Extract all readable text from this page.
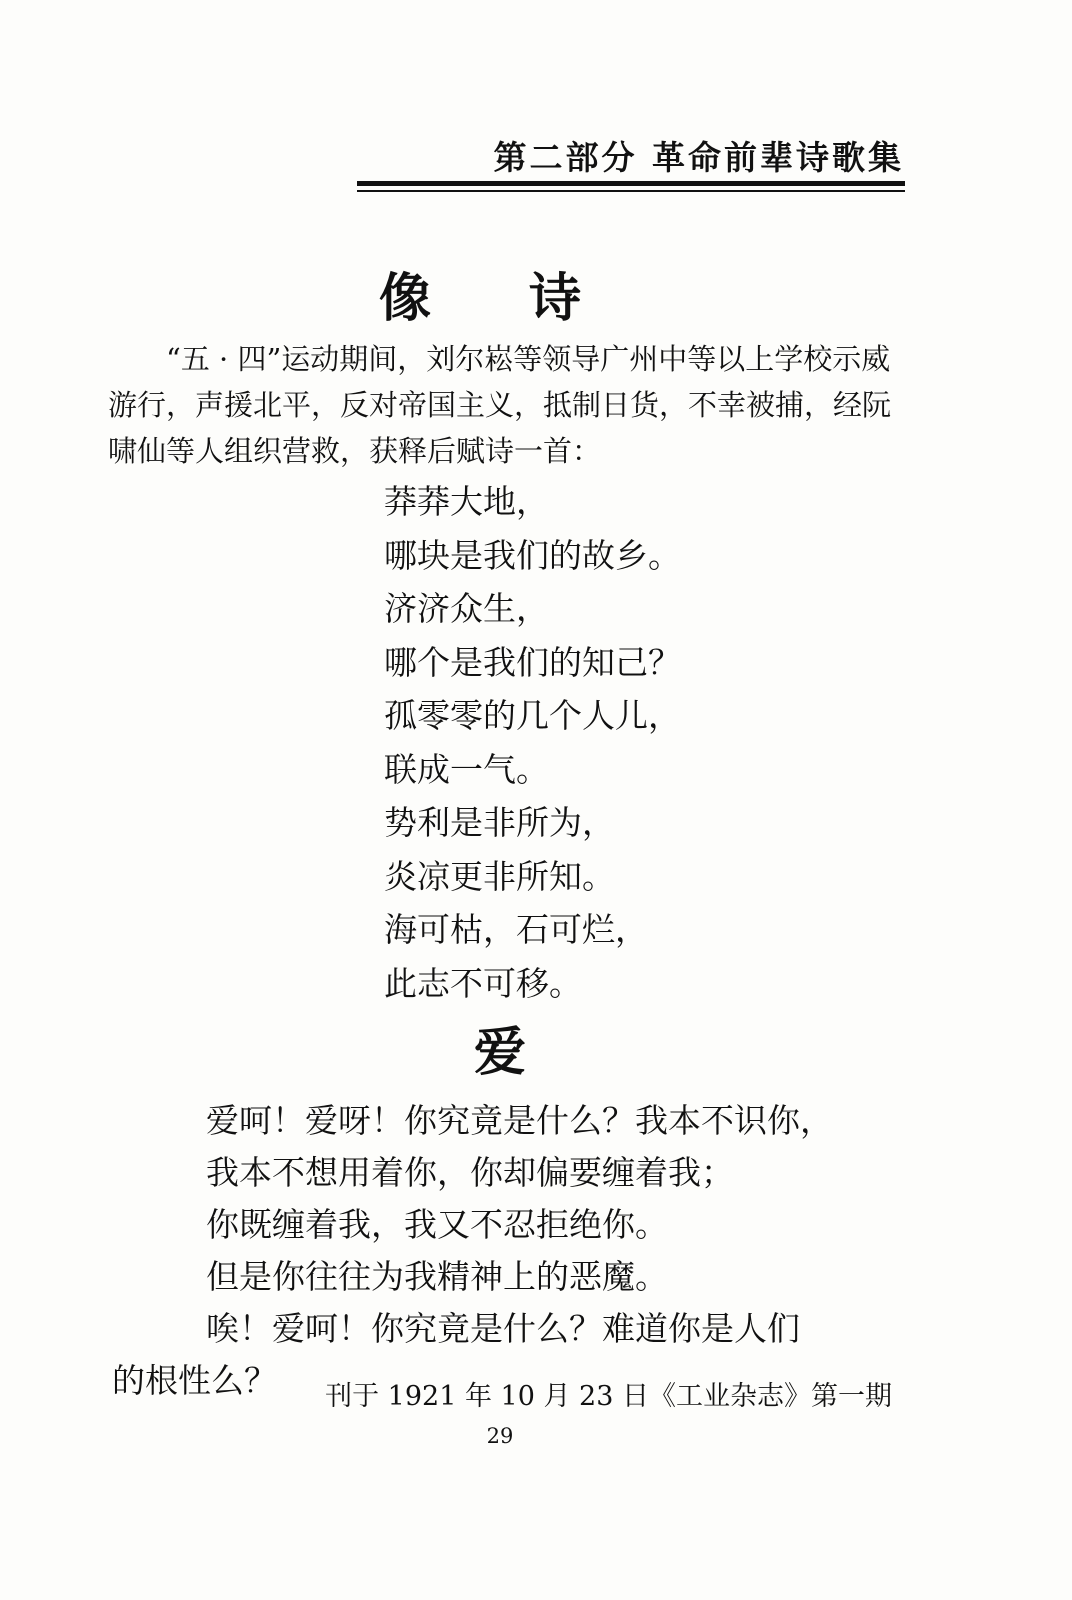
第二部分 革命前辈诗歌集
像 诗

“五 · 四”运动期间，刘尔崧等领导广州中等以上学校示威游行，声援北平，反对帝国主义，抵制日货，不幸被捕，经阮啸仙等人组织营救，获释后赋诗一首：

莽莽大地，
哪块是我们的故乡。
济济众生，
哪个是我们的知己？
孤零零的几个人儿，
联成一气。
势利是非所为，
炎凉更非所知。
海可枯，石可烂，
此志不可移。
爱
爱呵！爱呀！你究竟是什么？我本不识你，
我本不想用着你，你却偏要缠着我；
你既缠着我，我又不忍拒绝你。
但是你往往为我精神上的恶魔。
唉！爱呵！你究竟是什么？难道你是人们
的根性么？	刊于 1921 年 10 月 23 日《工业杂志》第一期
29
